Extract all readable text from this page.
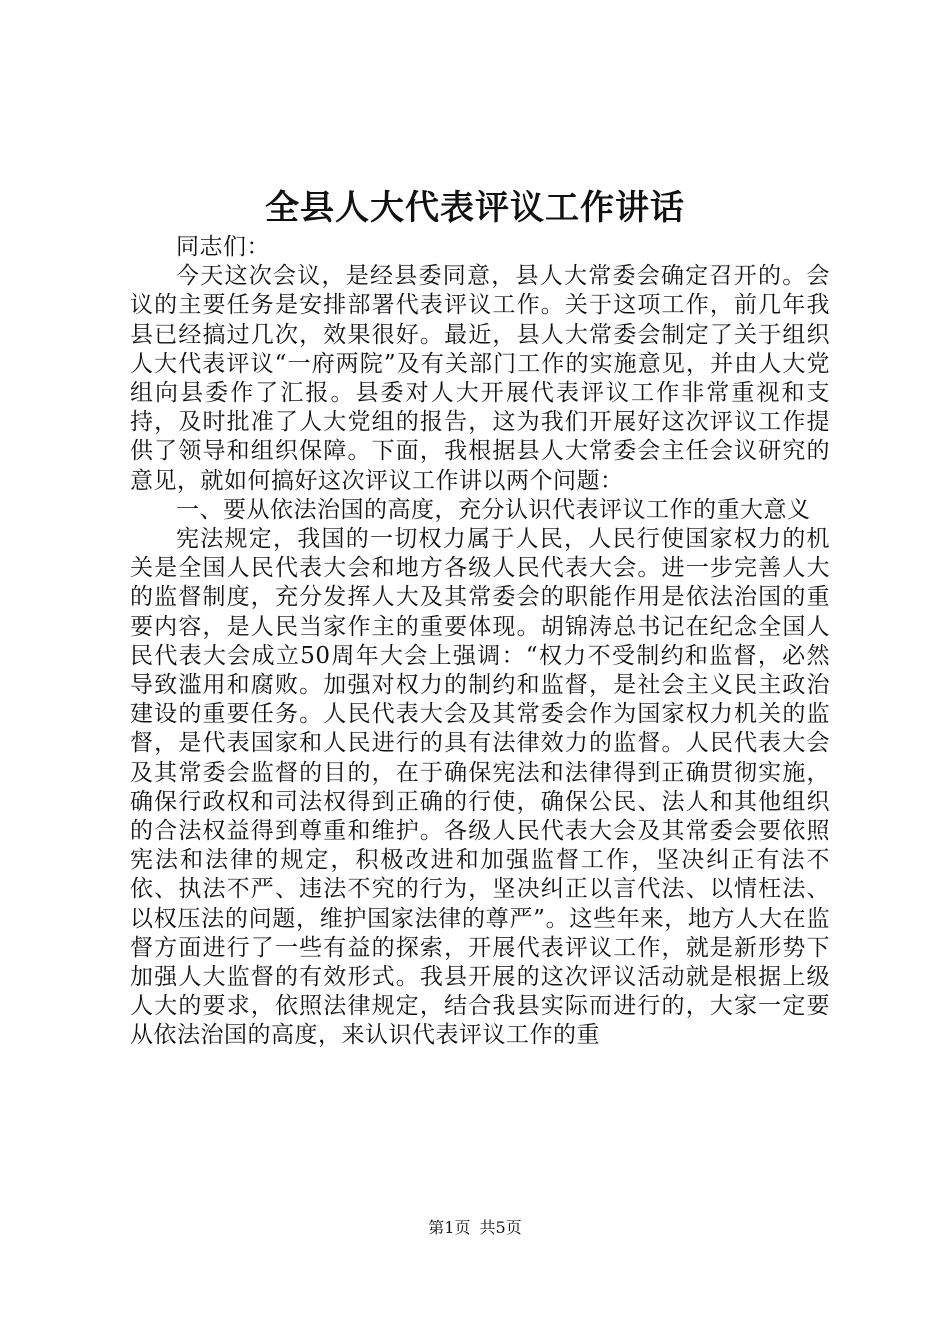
全县人大代表评议工作讲话

同志们：

今天这次会议，是经县委同意，县人大常委会确定召开的。会议的主要任务是安排部署代表评议工作。关于这项工作，前几年我县已经搞过几次，效果很好。最近，县人大常委会制定了关于组织人大代表评议“一府两院”及有关部门工作的实施意见，并由人大党组向县委作了汇报。县委对人大开展代表评议工作非常重视和支持，及时批准了人大党组的报告，这为我们开展好这次评议工作提供了领导和组织保障。下面，我根据县人大常委会主任会议研究的意见，就如何搞好这次评议工作讲以两个问题：

一、要从依法治国的高度，充分认识代表评议工作的重大意义

宪法规定，我国的一切权力属于人民，人民行使国家权力的机关是全国人民代表大会和地方各级人民代表大会。进一步完善人大的监督制度，充分发挥人大及其常委会的职能作用是依法治国的重要内容，是人民当家作主的重要体现。胡锦涛总书记在纪念全国人民代表大会成立50周年大会上强调：“权力不受制约和监督，必然导致滥用和腐败。加强对权力的制约和监督，是社会主义民主政治建设的重要任务。人民代表大会及其常委会作为国家权力机关的监督，是代表国家和人民进行的具有法律效力的监督。人民代表大会及其常委会监督的目的，在于确保宪法和法律得到正确贯彻实施，确保行政权和司法权得到正确的行使，确保公民、法人和其他组织的合法权益得到尊重和维护。各级人民代表大会及其常委会要依照宪法和法律的规定，积极改进和加强监督工作，坚决纠正有法不依、执法不严、违法不究的行为，坚决纠正以言代法、以情枉法、以权压法的问题，维护国家法律的尊严”。这些年来，地方人大在监督方面进行了一些有益的探索，开展代表评议工作，就是新形势下加强人大监督的有效形式。我县开展的这次评议活动就是根据上级人大的要求，依照法律规定，结合我县实际而进行的，大家一定要从依法治国的高度，来认识代表评议工作的重

第1页 共5页
